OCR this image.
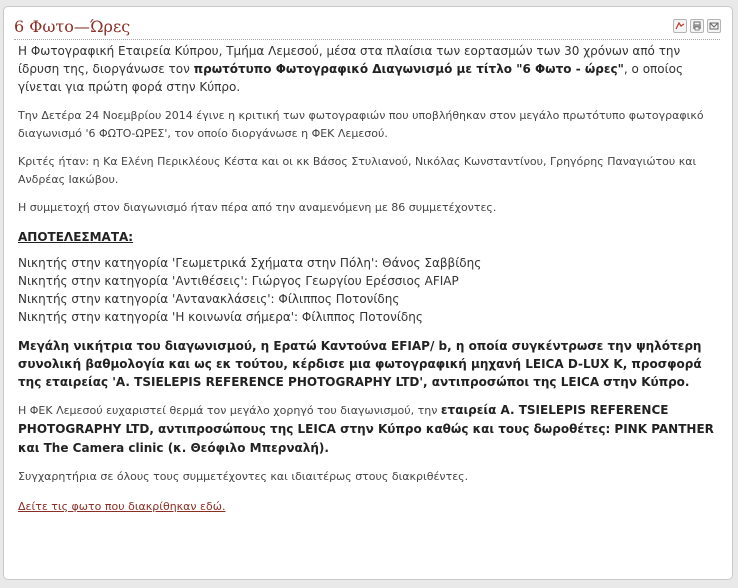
6 Φωτο—Ώρες

Η Φωτογραφική Εταιρεία Κύπρου, Τμήμα Λεμεσού, μέσα στα πλαίσια των εορτασμών των 30 χρόνων από την ίδρυση της, διοργάνωσε τον πρωτότυπο Φωτογραφικό Διαγωνισμό με τίτλο "6 Φωτο - ώρες", ο οποίος γίνεται για πρώτη φορά στην Κύπρο.

Την Δετέρα 24 Νοεμβρίου 2014 έγινε η κριτική των φωτογραφιών που υποβλήθηκαν στον μεγάλο πρωτότυπο φωτογραφικό διαγωνισμό '6 ΦΩΤΟ-ΩΡΕΣ', τον οποίο διοργάνωσε η ΦΕΚ Λεμεσού.

Κριτές ήταν: η Κα Ελένη Περικλέους Κέστα και οι κκ Βάσος Στυλιανού, Νικόλας Κωνσταντίνου, Γρηγόρης Παναγιώτου και Ανδρέας Ιακώβου.

Η συμμετοχή στον διαγωνισμό ήταν πέρα από την αναμενόμενη με 86 συμμετέχοντες.

ΑΠΟΤΕΛΕΣΜΑΤΑ:

Νικητής στην κατηγορία 'Γεωμετρικά Σχήματα στην Πόλη': Θάνος Σαββίδης

Νικητής στην κατηγορία 'Αντιθέσεις': Γιώργος Γεωργίου Ερέσσιος AFIAP

Νικητής στην κατηγορία 'Αντανακλάσεις': Φίλιππος Ποτονίδης

Νικητής στην κατηγορία 'Η κοινωνία σήμερα': Φίλιππος Ποτονίδης

Μεγάλη νικήτρια του διαγωνισμού, η Ερατώ Καντούνα EFIAP/ b, η οποία συγκέντρωσε την ψηλότερη συνολική βαθμολογία και ως εκ τούτου, κέρδισε μια φωτογραφική μηχανή LEICA D-LUX K, προσφορά της εταιρείας 'A. TSIELEPIS REFERENCE PHOTOGRAPHY LTD', αντιπροσώποι της LEICA στην Κύπρο.

Η ΦΕΚ Λεμεσού ευχαριστεί θερμά τον μεγάλο χορηγό του διαγωνισμού, την εταιρεία A. TSIELEPIS REFERENCE PHOTOGRAPHY LTD, αντιπροσώπους της LEICA στην Κύπρο καθώς και τους δωροθέτες: PINK PANTHER και The Camera clinic (κ. Θεόφιλο Μπερναλή).

Συγχαρητήρια σε όλους τους συμμετέχοντες και ιδιαιτέρως στους διακριθέντες.

Δείτε τις φωτο που διακρίθηκαν εδώ.
